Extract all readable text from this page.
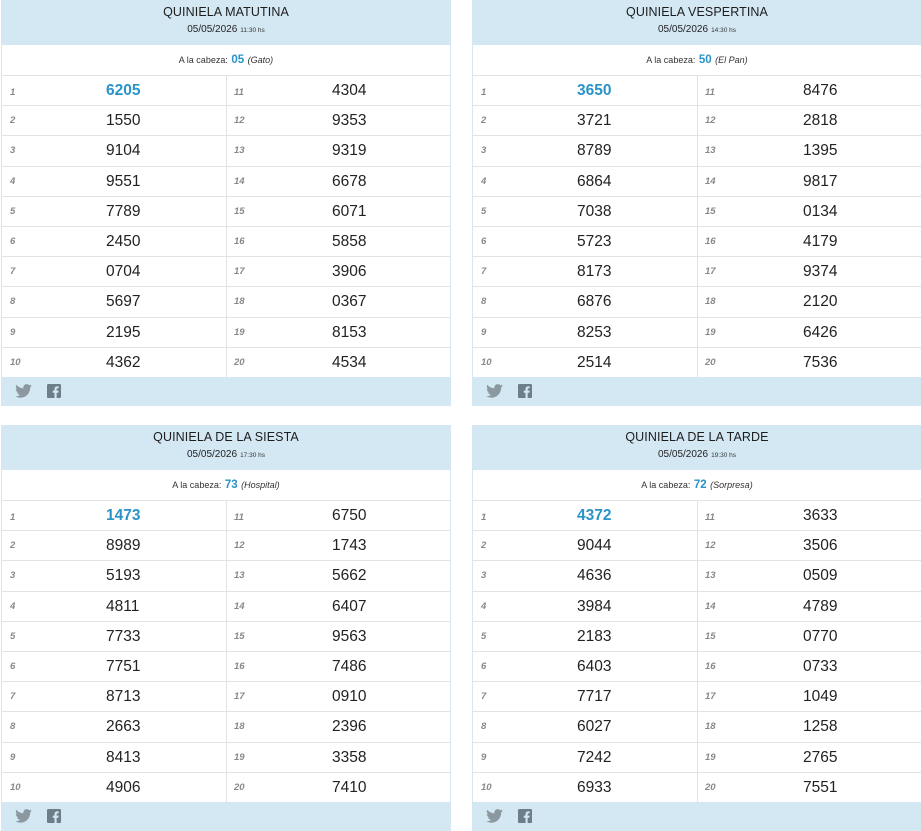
QUINIELA MATUTINA
05/05/2026 11:30 hs
A la cabeza: 05 (Gato)
1	6205
2	1550
3	9104
4	9551
5	7789
6	2450
7	0704
8	5697
9	2195
10	4362
11	4304
12	9353
13	9319
14	6678
15	6071
16	5858
17	3906
18	0367
19	8153
20	4534
QUINIELA VESPERTINA
05/05/2026 14:30 hs
A la cabeza: 50 (El Pan)
1	3650
2	3721
3	8789
4	6864
5	7038
6	5723
7	8173
8	6876
9	8253
10	2514
11	8476
12	2818
13	1395
14	9817
15	0134
16	4179
17	9374
18	2120
19	6426
20	7536
QUINIELA DE LA SIESTA
05/05/2026 17:30 hs
A la cabeza: 73 (Hospital)
1	1473
2	8989
3	5193
4	4811
5	7733
6	7751
7	8713
8	2663
9	8413
10	4906
11	6750
12	1743
13	5662
14	6407
15	9563
16	7486
17	0910
18	2396
19	3358
20	7410
QUINIELA DE LA TARDE
05/05/2026 19:30 hs
A la cabeza: 72 (Sorpresa)
1	4372
2	9044
3	4636
4	3984
5	2183
6	6403
7	7717
8	6027
9	7242
10	6933
11	3633
12	3506
13	0509
14	4789
15	0770
16	0733
17	1049
18	1258
19	2765
20	7551
